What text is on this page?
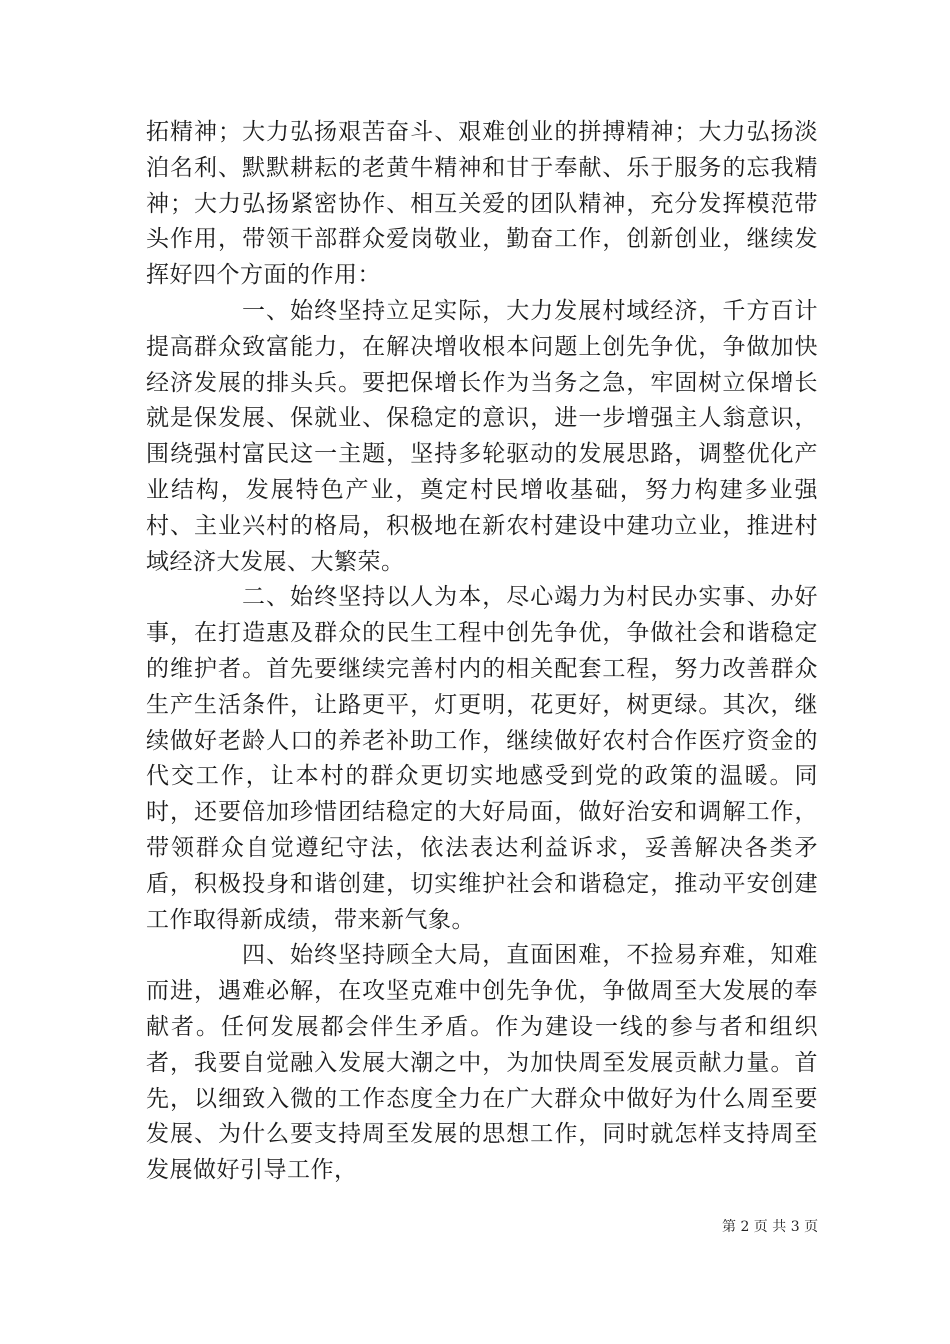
拓精神；大力弘扬艰苦奋斗、艰难创业的拼搏精神；大力弘扬淡泊名利、默默耕耘的老黄牛精神和甘于奉献、乐于服务的忘我精神；大力弘扬紧密协作、相互关爱的团队精神，充分发挥模范带头作用，带领干部群众爱岗敬业，勤奋工作，创新创业，继续发挥好四个方面的作用：

一、始终坚持立足实际，大力发展村域经济，千方百计提高群众致富能力，在解决增收根本问题上创先争优，争做加快经济发展的排头兵。要把保增长作为当务之急，牢固树立保增长就是保发展、保就业、保稳定的意识，进一步增强主人翁意识，围绕强村富民这一主题，坚持多轮驱动的发展思路，调整优化产业结构，发展特色产业，奠定村民增收基础，努力构建多业强村、主业兴村的格局，积极地在新农村建设中建功立业，推进村域经济大发展、大繁荣。

二、始终坚持以人为本，尽心竭力为村民办实事、办好事，在打造惠及群众的民生工程中创先争优，争做社会和谐稳定的维护者。首先要继续完善村内的相关配套工程，努力改善群众生产生活条件，让路更平，灯更明，花更好，树更绿。其次，继续做好老龄人口的养老补助工作，继续做好农村合作医疗资金的代交工作，让本村的群众更切实地感受到党的政策的温暖。同时，还要倍加珍惜团结稳定的大好局面，做好治安和调解工作，带领群众自觉遵纪守法，依法表达利益诉求，妥善解决各类矛盾，积极投身和谐创建，切实维护社会和谐稳定，推动平安创建工作取得新成绩，带来新气象。

四、始终坚持顾全大局，直面困难，不捡易弃难，知难而进，遇难必解，在攻坚克难中创先争优，争做周至大发展的奉献者。任何发展都会伴生矛盾。作为建设一线的参与者和组织者，我要自觉融入发展大潮之中，为加快周至发展贡献力量。首先，以细致入微的工作态度全力在广大群众中做好为什么周至要发展、为什么要支持周至发展的思想工作，同时就怎样支持周至发展做好引导工作，

第 2 页 共 3 页
